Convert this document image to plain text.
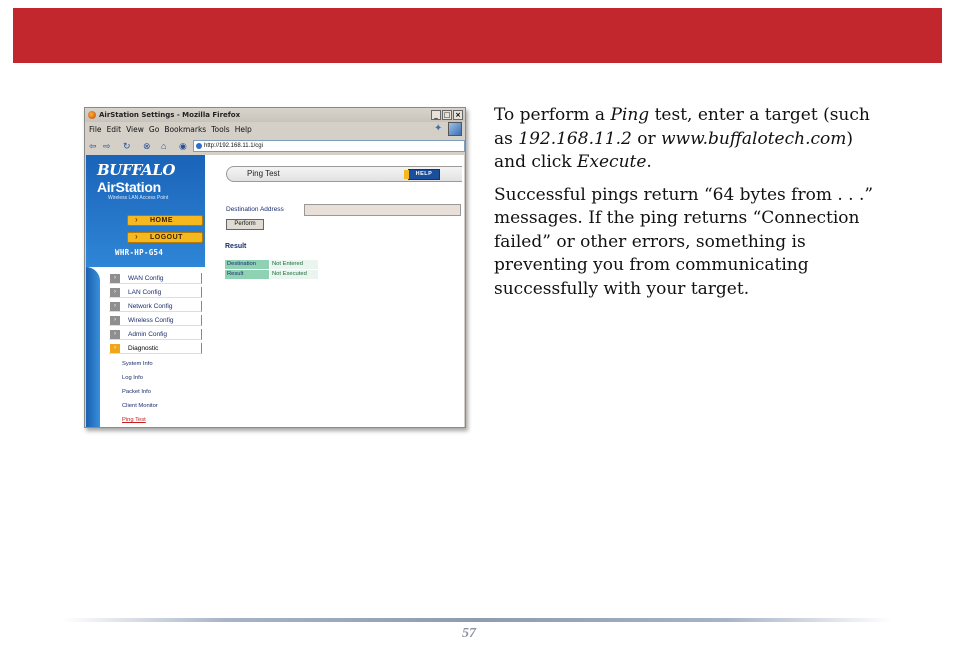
AirStation Settings - Mozilla Firefox	_ □ ×
File Edit View Go Bookmarks Tools Help	✦
⇦ ⇨ ↻ ⊗ ⌂ ◉	http://192.168.11.1/cgi
BUFFALO
AirStation
Wireless LAN Access Point
› HOME
› LOGOUT
WHR-HP-G54
›	WAN Config
›	LAN Config
›	Network Config
›	Wireless Config
›	Admin Config
›	Diagnostic
System Info
Log Info
Packet Info
Client Monitor
Ping Test
Ping Test	HELP
Destination Address
Perform
Result
Destination	Not Entered
Result	Not Executed

To perform a Ping test, enter a target (such as 192.168.11.2 or www.buffalotech.com) and click Execute.

Successful pings return “64 bytes from . . .” messages. If the ping returns “Connection failed” or other errors, something is preventing you from communicating successfully with your target.

57
